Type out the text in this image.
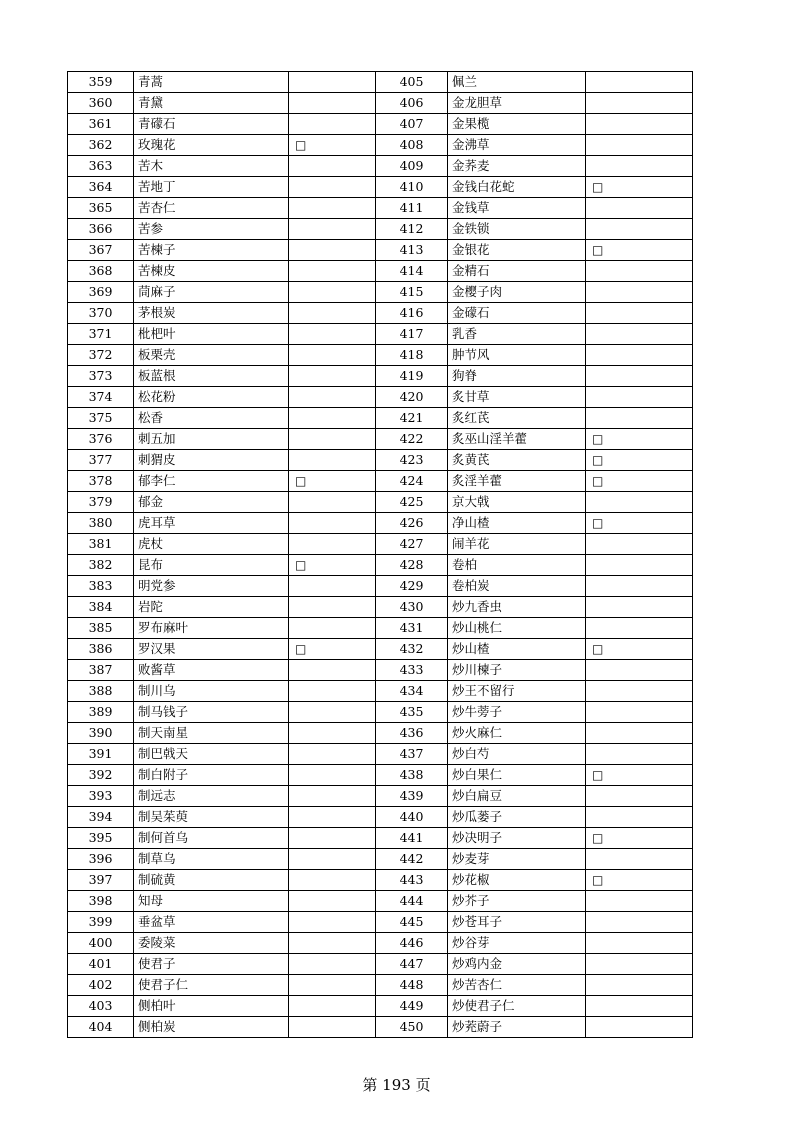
359	青蒿		405	佩兰	
360	青黛		406	金龙胆草	
361	青礞石		407	金果榄	
362	玫瑰花	□	408	金沸草	
363	苦木		409	金荞麦	
364	苦地丁		410	金钱白花蛇	□
365	苦杏仁		411	金钱草	
366	苦参		412	金铁锁	
367	苦楝子		413	金银花	□
368	苦楝皮		414	金精石	
369	茼麻子		415	金樱子肉	
370	茅根炭		416	金礞石	
371	枇杷叶		417	乳香	
372	板栗壳		418	肿节风	
373	板蓝根		419	狗脊	
374	松花粉		420	炙甘草	
375	松香		421	炙红芪	
376	刺五加		422	炙巫山淫羊藿	□
377	刺猬皮		423	炙黄芪	□
378	郁李仁	□	424	炙淫羊藿	□
379	郁金		425	京大戟	
380	虎耳草		426	净山楂	□
381	虎杖		427	闹羊花	
382	昆布	□	428	卷柏	
383	明党参		429	卷柏炭	
384	岩陀		430	炒九香虫	
385	罗布麻叶		431	炒山桃仁	
386	罗汉果	□	432	炒山楂	□
387	败酱草		433	炒川楝子	
388	制川乌		434	炒王不留行	
389	制马钱子		435	炒牛蒡子	
390	制天南星		436	炒火麻仁	
391	制巴戟天		437	炒白芍	
392	制白附子		438	炒白果仁	□
393	制远志		439	炒白扁豆	
394	制吴茱萸		440	炒瓜蒌子	
395	制何首乌		441	炒决明子	□
396	制草乌		442	炒麦芽	
397	制硫黄		443	炒花椒	□
398	知母		444	炒芥子	
399	垂盆草		445	炒苍耳子	
400	委陵菜		446	炒谷芽	
401	使君子		447	炒鸡内金	
402	使君子仁		448	炒苦杏仁	
403	侧柏叶		449	炒使君子仁	
404	侧柏炭		450	炒茺蔚子	
第 193 页
